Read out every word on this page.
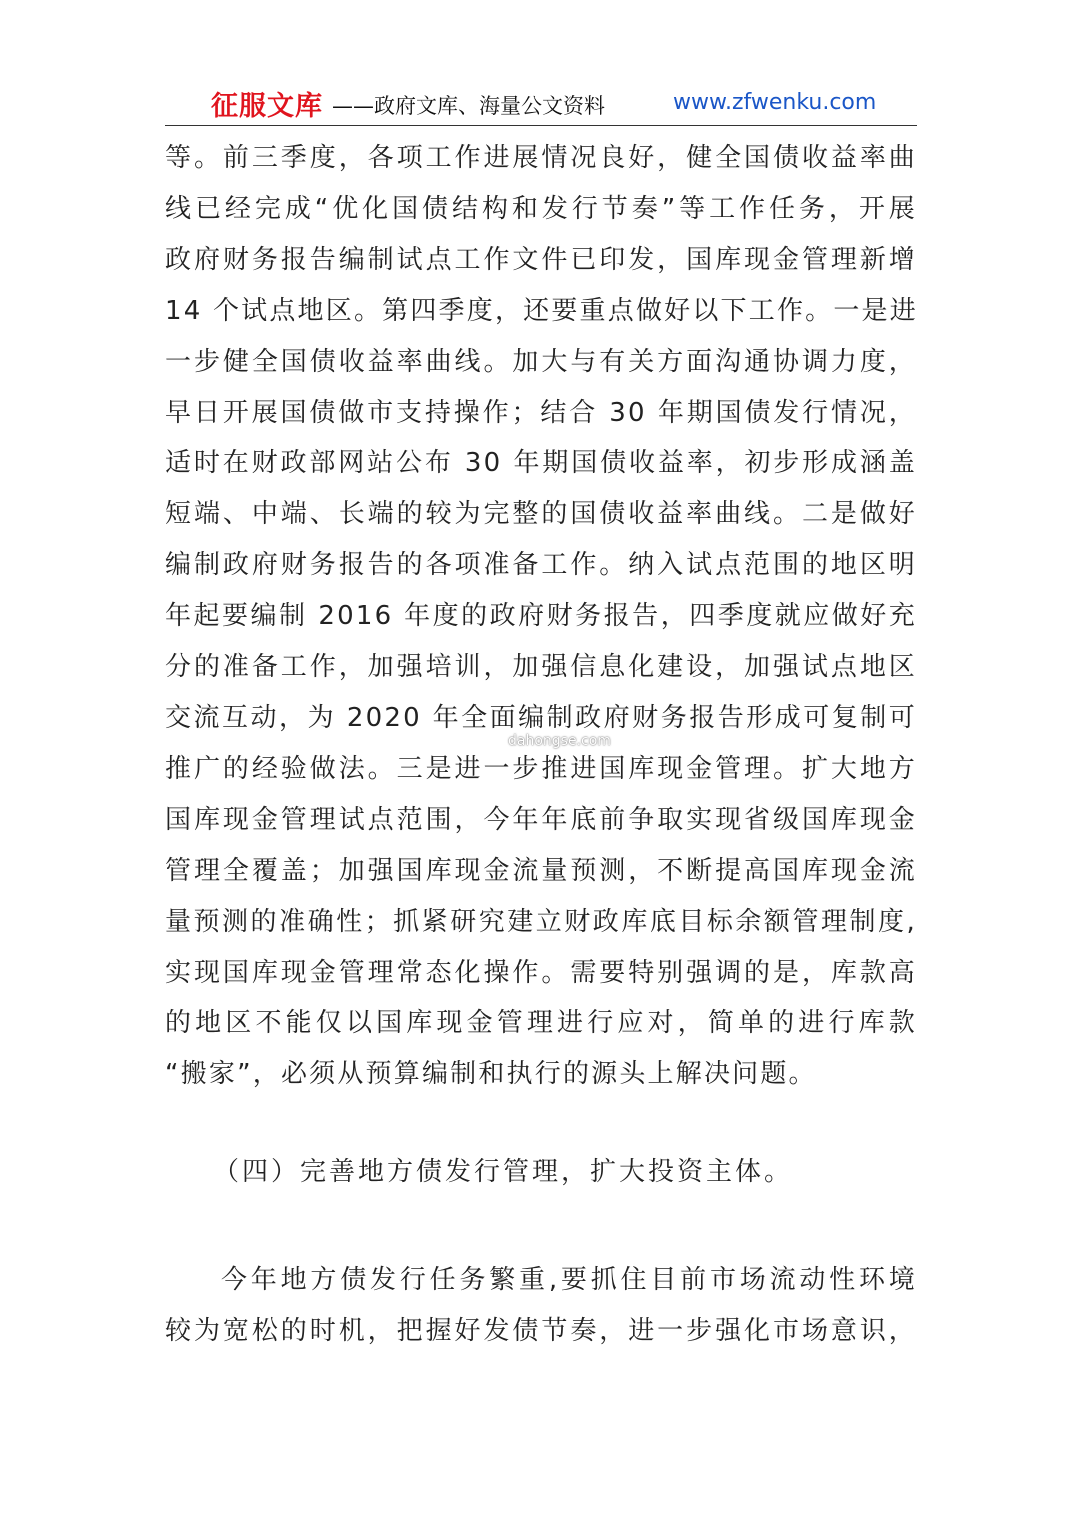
征服文库 ——政府文库、海量公文资料	www.zfwenku.com
等。前三季度，各项工作进展情况良好，健全国债收益率曲
线已经完成“优化国债结构和发行节奏”等工作任务，开展
政府财务报告编制试点工作文件已印发，国库现金管理新增
14 个试点地区。第四季度，还要重点做好以下工作。一是进
一步健全国债收益率曲线。加大与有关方面沟通协调力度，
早日开展国债做市支持操作；结合 30 年期国债发行情况，
适时在财政部网站公布 30 年期国债收益率，初步形成涵盖
短端、中端、长端的较为完整的国债收益率曲线。二是做好
编制政府财务报告的各项准备工作。纳入试点范围的地区明
年起要编制 2016 年度的政府财务报告，四季度就应做好充
分的准备工作，加强培训，加强信息化建设，加强试点地区
交流互动，为 2020 年全面编制政府财务报告形成可复制可
推广的经验做法。三是进一步推进国库现金管理。扩大地方
国库现金管理试点范围，今年年底前争取实现省级国库现金
管理全覆盖；加强国库现金流量预测，不断提高国库现金流
量预测的准确性；抓紧研究建立财政库底目标余额管理制度,
实现国库现金管理常态化操作。需要特别强调的是，库款高
的地区不能仅以国库现金管理进行应对，简单的进行库款
“搬家”，必须从预算编制和执行的源头上解决问题。
dahongse.com

（四）完善地方债发行管理，扩大投资主体。

今年地方债发行任务繁重,要抓住目前市场流动性环境
较为宽松的时机，把握好发债节奏，进一步强化市场意识，
